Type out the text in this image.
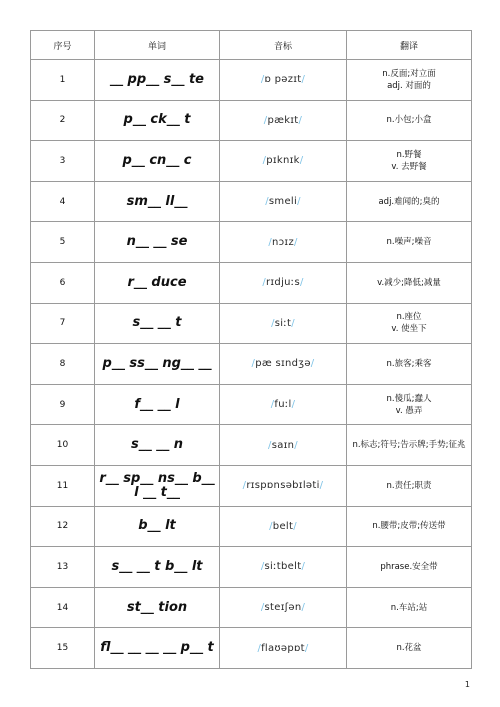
序号	单词	音标	翻译
1	__ pp__ s__ te	/ɒ pəzɪt/	n.反面;对立面
adj. 对面的

2	p__ ck__ t	/pækɪt/	n.小包;小盒

3	p__ cn__ c	/pɪknɪk/	n.野餐
v. 去野餐

4	sm__ ll__	/smeli/	adj.难闻的;臭的

5	n__ __ se	/nɔɪz/	n.噪声;噪音

6	r__ duce	/rɪdjuːs/	v.减少;降低;减量

7	s__ __ t	/siːt/	n.座位
v. 使坐下

8	p__ ss__ ng__ __	/pæ sɪndʒə/	n.旅客;乘客

9	f__ __ l	/fuːl/	n.傻瓜;蠢人
v. 愚弄

10	s__ __ n	/saɪn/	n.标志;符号;告示牌;手势;征兆

11	r__ sp__ ns__ b__ l __ t__	/rɪspɒnsəbɪləti/	n.责任;职责

12	b__ lt	/belt/	n.腰带;皮带;传送带

13	s__ __ t b__ lt	/siːtbelt/	phrase.安全带

14	st__ tion	/steɪʃən/	n.车站;站

15	fl__ __ __ __ p__ t	/flaʊəpɒt/	n.花盆
1
